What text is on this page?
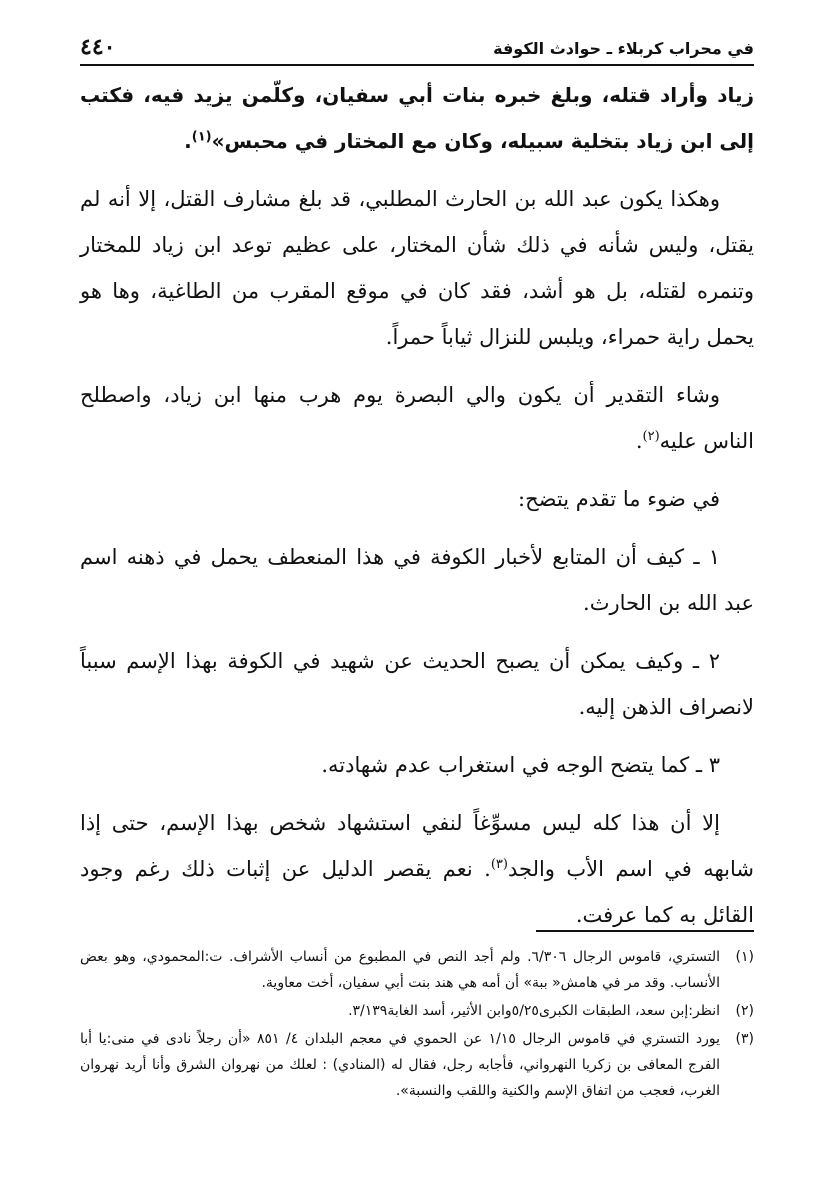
في محراب كربلاء ـ حوادث الكوفة
٤٤٠

زياد وأراد قتله، وبلغ خبره بنات أبي سفيان، وكلّمن يزيد فيه، فكتب إلى ابن زياد بتخلية سبيله، وكان مع المختار في محبس»$^{(١)}$.

وهكذا يكون عبد الله بن الحارث المطلبي، قد بلغ مشارف القتل، إلا أنه لم يقتل، وليس شأنه في ذلك شأن المختار، على عظيم توعد ابن زياد للمختار وتنمره لقتله، بل هو أشد، فقد كان في موقع المقرب من الطاغية، وها هو يحمل راية حمراء، ويلبس للنزال ثياباً حمراً.

وشاء التقدير أن يكون والي البصرة يوم هرب منها ابن زياد، واصطلح الناس عليه$^{(٢)}$.

في ضوء ما تقدم يتضح:

١ ـ كيف أن المتابع لأخبار الكوفة في هذا المنعطف يحمل في ذهنه اسم عبد الله بن الحارث.

٢ ـ وكيف يمكن أن يصبح الحديث عن شهيد في الكوفة بهذا الإسم سبباً لانصراف الذهن إليه.

٣ ـ كما يتضح الوجه في استغراب عدم شهادته.

إلا أن هذا كله ليس مسوِّغاً لنفي استشهاد شخص بهذا الإسم، حتى إذا شابهه في اسم الأب والجد$^{(٣)}$. نعم يقصر الدليل عن إثبات ذلك رغم وجود القائل به كما عرفت.

(١)
التستري، قاموس الرجال ٦/٣٠٦. ولم أجد النص في المطبوع من أنساب الأشراف. ت:المحمودي، وهو بعض الأنساب. وقد مر في هامش« ببة» أن أمه هي هند بنت أبي سفيان، أخت معاوية.
(٢)
انظر:إبن سعد، الطبقات الكبرى٥/٢٥وابن الأثير، أسد الغابة٣/١٣٩.
(٣)
يورد التستري في قاموس الرجال ١/١٥ عن الحموي في معجم البلدان ٤/ ٨٥١ «أن رجلاً نادى في منى:يا أبا الفرج المعافى بن زكريا النهرواني، فأجابه رجل، فقال له (المنادي) : لعلك من نهروان الشرق وأنا أريد نهروان الغرب، فعجب من اتفاق الإسم والكنية واللقب والنسبة».
